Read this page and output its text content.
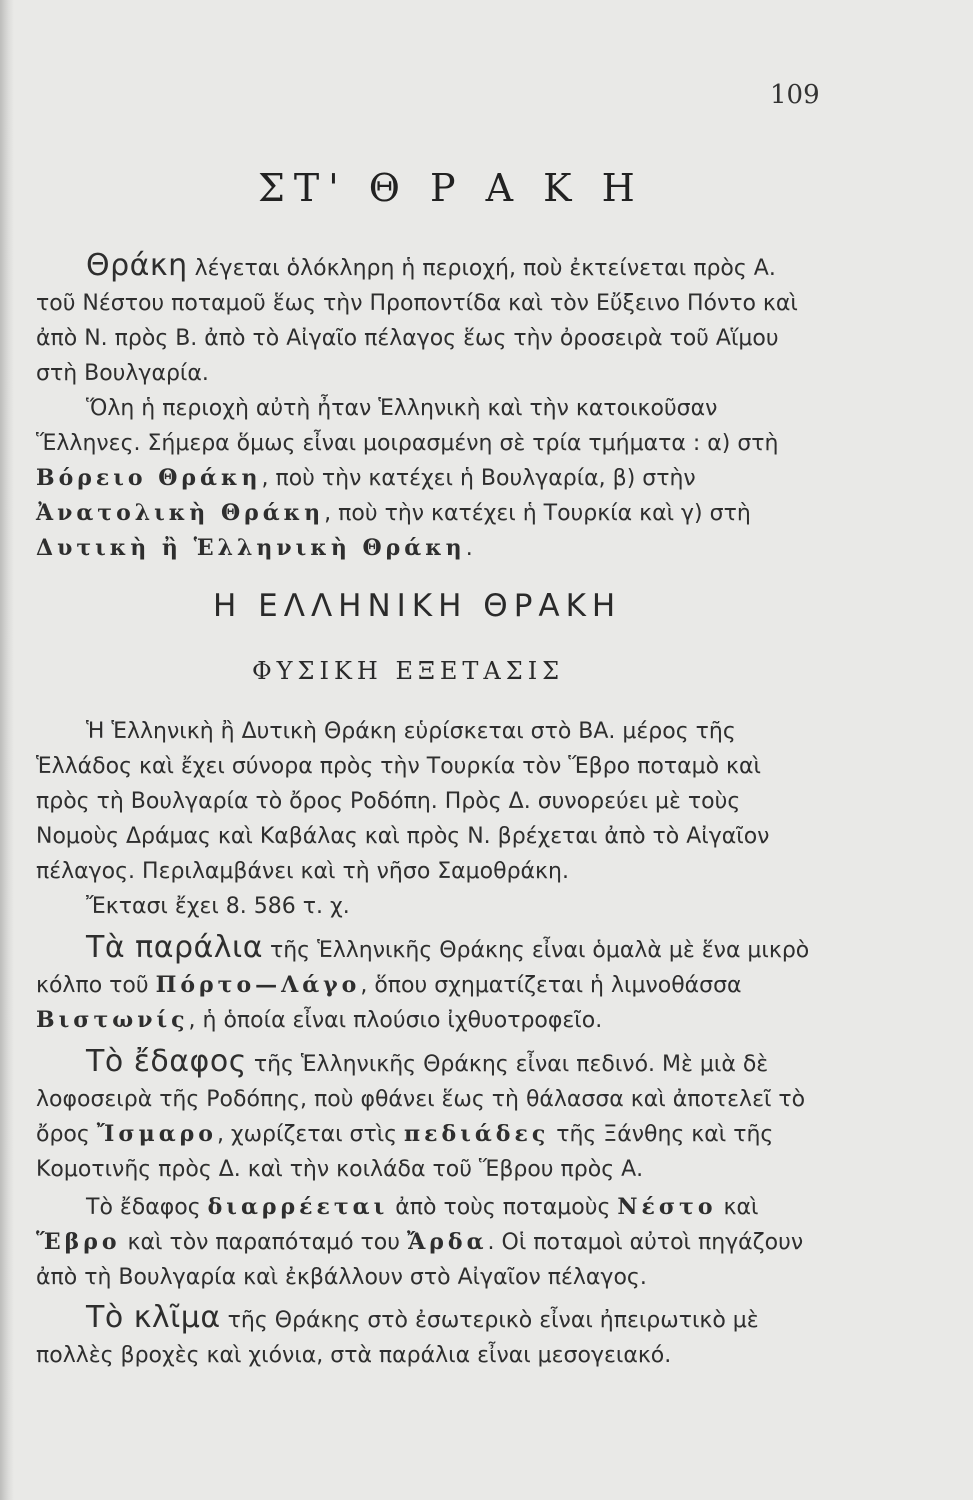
109
ΣΤ' Θ Ρ Α Κ Η

Θράκη λέγεται ὁλόκληρη ἡ περιοχή, ποὺ ἐκτείνεται πρὸς Α. τοῦ Νέστου ποταμοῦ ἕως τὴν Προποντίδα καὶ τὸν Εὔξεινο Πόντο καὶ ἀπὸ Ν. πρὸς Β. ἀπὸ τὸ Αἰγαῖο πέλαγος ἕως τὴν ὀροσειρὰ τοῦ Αἵμου στὴ Βουλγαρία.

Ὅλη ἡ περιοχὴ αὐτὴ ἦταν Ἑλληνικὴ καὶ τὴν κατοικοῦσαν Ἕλληνες. Σήμερα ὅμως εἶναι μοιρασμένη σὲ τρία τμήματα : α) στὴ Βόρειο Θράκη, ποὺ τὴν κατέχει ἡ Βουλγαρία, β) στὴν Ἀνατολικὴ Θράκη, ποὺ τὴν κατέχει ἡ Τουρκία καὶ γ) στὴ Δυτικὴ ἢ Ἑλληνικὴ Θράκη.

Η ΕΛΛΗΝΙΚΗ ΘΡΑΚΗ
ΦΥΣΙΚΗ ΕΞΕΤΑΣΙΣ

Ἡ Ἑλληνικὴ ἢ Δυτικὴ Θράκη εὑρίσκεται στὸ ΒΑ. μέρος τῆς Ἑλλάδος καὶ ἔχει σύνορα πρὸς τὴν Τουρκία τὸν Ἕβρο ποταμὸ καὶ πρὸς τὴ Βουλγαρία τὸ ὄρος Ροδόπη. Πρὸς Δ. συνορεύει μὲ τοὺς Νομοὺς Δράμας καὶ Καβάλας καὶ πρὸς Ν. βρέχεται ἀπὸ τὸ Αἰγαῖον πέλαγος. Περιλαμβάνει καὶ τὴ νῆσο Σαμοθράκη.

Ἔκτασι ἔχει 8. 586 τ. χ.

Τὰ παράλια τῆς Ἑλληνικῆς Θράκης εἶναι ὁμαλὰ μὲ ἕνα μικρὸ κόλπο τοῦ Πόρτο—Λάγο, ὅπου σχηματίζεται ἡ λιμνοθάσσα Βιστωνίς, ἡ ὁποία εἶναι πλούσιο ἰχθυοτροφεῖο.

Τὸ ἔδαφος τῆς Ἑλληνικῆς Θράκης εἶναι πεδινό. Μὲ μιὰ δὲ λοφοσειρὰ τῆς Ροδόπης, ποὺ φθάνει ἕως τὴ θάλασσα καὶ ἀποτελεῖ τὸ ὄρος Ἴσμαρο, χωρίζεται στὶς πεδιάδες τῆς Ξάνθης καὶ τῆς Κομοτινῆς πρὸς Δ. καὶ τὴν κοιλάδα τοῦ Ἕβρου πρὸς Α.

Τὸ ἔδαφος διαρρέεται ἀπὸ τοὺς ποταμοὺς Νέστο καὶ Ἕβρο καὶ τὸν παραπόταμό του Ἄρδα. Οἱ ποταμοὶ αὐτοὶ πηγάζουν ἀπὸ τὴ Βουλγαρία καὶ ἐκβάλλουν στὸ Αἰγαῖον πέλαγος.

Τὸ κλῖμα τῆς Θράκης στὸ ἐσωτερικὸ εἶναι ἠπειρωτικὸ μὲ πολλὲς βροχὲς καὶ χιόνια, στὰ παράλια εἶναι μεσογειακό.
